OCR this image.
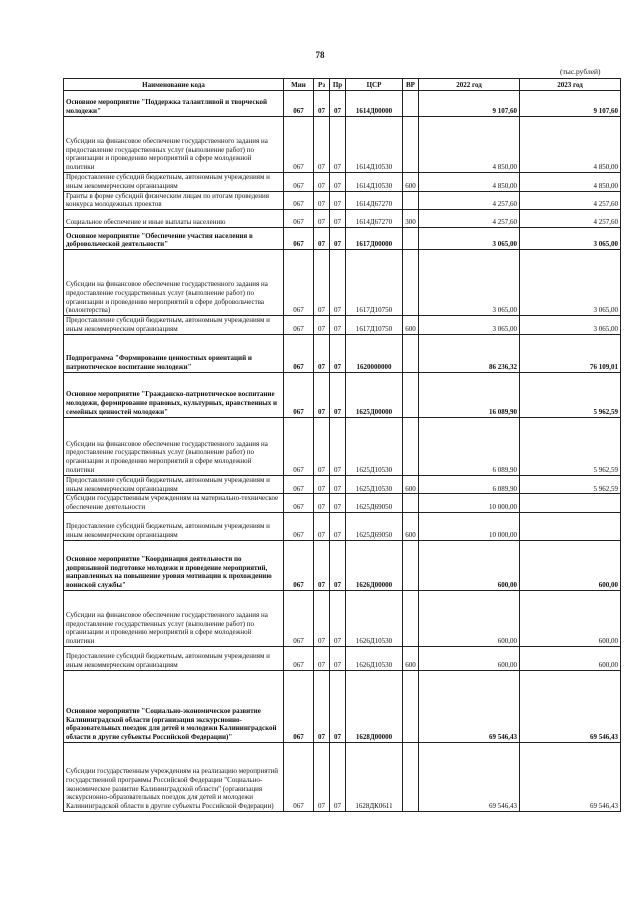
78
(тыс.рублей)
Наименование кода	Мин	Рз	Пр	ЦСР	ВР	2022 год	2023 год
Основное мероприятие "Поддержка талантливой и творческой молодежи"	067	07	07	1614Д00000		9 107,60	9 107,60
Субсидии на финансовое обеспечение государственного задания на предоставление государственных услуг (выполнение работ) по организации и проведению мероприятий в сфере молодежной политики	067	07	07	1614Д10530		4 850,00	4 850,00
Предоставление субсидий бюджетным, автономным учреждениям и иным некоммерческим организациям	067	07	07	1614Д10530	600	4 850,00	4 850,00
Гранты в форме субсидий физическим лицам по итогам проведения конкурса молодежных проектов	067	07	07	1614Д67270		4 257,60	4 257,60
Социальное обеспечение и иные выплаты населению	067	07	07	1614Д67270	300	4 257,60	4 257,60
Основное мероприятие "Обеспечение участия населения в добровольческой деятельности"	067	07	07	1617Д00000		3 065,00	3 065,00
Субсидии на финансовое обеспечение государственного задания на предоставление государственных услуг (выполнение работ) по организации и проведению мероприятий в сфере добровольчества (волонтерства)	067	07	07	1617Д10750		3 065,00	3 065,00
Предоставление субсидий бюджетным, автономным учреждениям и иным некоммерческим организациям	067	07	07	1617Д10750	600	3 065,00	3 065,00
Подпрограмма "Формирование ценностных ориентаций и патриотическое воспитание молодежи"	067	07	07	1620000000		86 236,32	76 109,01
Основное мероприятие "Гражданско-патриотическое воспитание молодежи, формирование правовых, культурных, нравственных и семейных ценностей молодежи"	067	07	07	1625Д00000		16 089,90	5 962,59
Субсидии на финансовое обеспечение государственного задания на предоставление государственных услуг (выполнение работ) по организации и проведению мероприятий в сфере молодежной политики	067	07	07	1625Д10530		6 089,90	5 962,59
Предоставление субсидий бюджетным, автономным учреждениям и иным некоммерческим организациям	067	07	07	1625Д10530	600	6 089,90	5 962,59
Субсидии государственным учреждениям на материально-техническое обеспечение деятельности	067	07	07	1625Д69050		10 000,00	
Предоставление субсидий бюджетным, автономным учреждениям и иным некоммерческим организациям	067	07	07	1625Д69050	600	10 000,00	
Основное мероприятие "Координация деятельности по допризывной подготовке молодежи и проведение мероприятий, направленных на повышение уровня мотивации к прохождению воинской службы"	067	07	07	1626Д00000		600,00	600,00
Субсидии на финансовое обеспечение государственного задания на предоставление государственных услуг (выполнение работ) по организации и проведению мероприятий в сфере молодежной политики	067	07	07	1626Д10530		600,00	600,00
Предоставление субсидий бюджетным, автономным учреждениям и иным некоммерческим организациям	067	07	07	1626Д10530	600	600,00	600,00
Основное мероприятие "Социально-экономическое развитие Калининградской области (организация экскурсионно-образовательных поездок для детей и молодежи Калининградской области в другие субъекты Российской Федерации)"	067	07	07	1628Д00000		69 546,43	69 546,43
Субсидии государственным учреждениям на реализацию мероприятий государственной программы Российской Федерации "Социально-экономическое развитие Калининградской области" (организация экскурсионно-образовательных поездок для детей и молодежи Калининградской области в другие субъекты Российской Федерации)	067	07	07	1628ДК0611		69 546,43	69 546,43
